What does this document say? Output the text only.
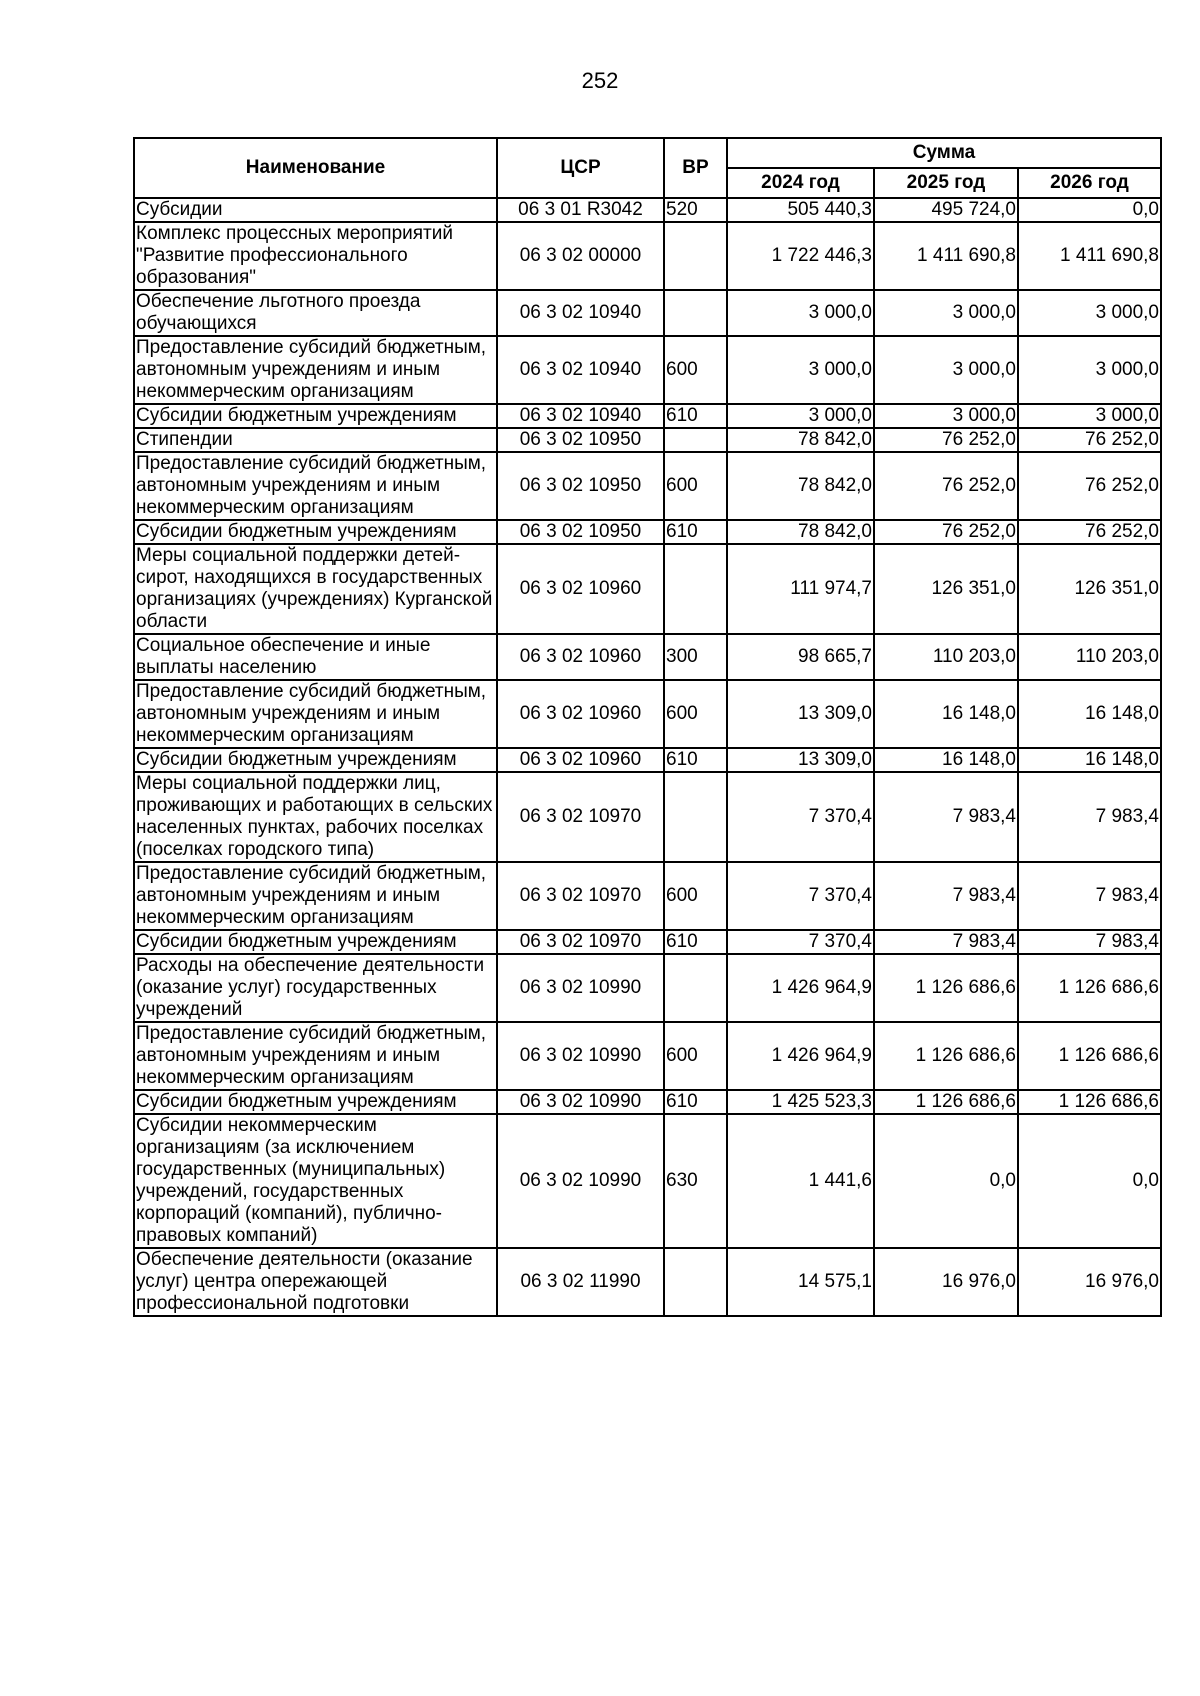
252
Наименование	ЦСР	ВР	Сумма		
			2024 год	2025 год	2026 год
Субсидии	06 3 01 R3042	520	505 440,3	495 724,0	0,0
Комплекс процессных мероприятий "Развитие профессионального образования"	06 3 02 00000		1 722 446,3	1 411 690,8	1 411 690,8
Обеспечение льготного проезда обучающихся	06 3 02 10940		3 000,0	3 000,0	3 000,0
Предоставление субсидий бюджетным, автономным учреждениям и иным некоммерческим организациям	06 3 02 10940	600	3 000,0	3 000,0	3 000,0
Субсидии бюджетным учреждениям	06 3 02 10940	610	3 000,0	3 000,0	3 000,0
Стипендии	06 3 02 10950		78 842,0	76 252,0	76 252,0
Предоставление субсидий бюджетным, автономным учреждениям и иным некоммерческим организациям	06 3 02 10950	600	78 842,0	76 252,0	76 252,0
Субсидии бюджетным учреждениям	06 3 02 10950	610	78 842,0	76 252,0	76 252,0
Меры социальной поддержки детей-сирот, находящихся в государственных организациях (учреждениях) Курганской области	06 3 02 10960		111 974,7	126 351,0	126 351,0
Социальное обеспечение и иные выплаты населению	06 3 02 10960	300	98 665,7	110 203,0	110 203,0
Предоставление субсидий бюджетным, автономным учреждениям и иным некоммерческим организациям	06 3 02 10960	600	13 309,0	16 148,0	16 148,0
Субсидии бюджетным учреждениям	06 3 02 10960	610	13 309,0	16 148,0	16 148,0
Меры социальной поддержки лиц, проживающих и работающих в сельских населенных пунктах, рабочих поселках (поселках городского типа)	06 3 02 10970		7 370,4	7 983,4	7 983,4
Предоставление субсидий бюджетным, автономным учреждениям и иным некоммерческим организациям	06 3 02 10970	600	7 370,4	7 983,4	7 983,4
Субсидии бюджетным учреждениям	06 3 02 10970	610	7 370,4	7 983,4	7 983,4
Расходы на обеспечение деятельности (оказание услуг) государственных учреждений	06 3 02 10990		1 426 964,9	1 126 686,6	1 126 686,6
Предоставление субсидий бюджетным, автономным учреждениям и иным некоммерческим организациям	06 3 02 10990	600	1 426 964,9	1 126 686,6	1 126 686,6
Субсидии бюджетным учреждениям	06 3 02 10990	610	1 425 523,3	1 126 686,6	1 126 686,6
Субсидии некоммерческим организациям (за исключением государственных (муниципальных) учреждений, государственных корпораций (компаний), публично-правовых компаний)	06 3 02 10990	630	1 441,6	0,0	0,0
Обеспечение деятельности (оказание услуг) центра опережающей профессиональной подготовки	06 3 02 11990		14 575,1	16 976,0	16 976,0
